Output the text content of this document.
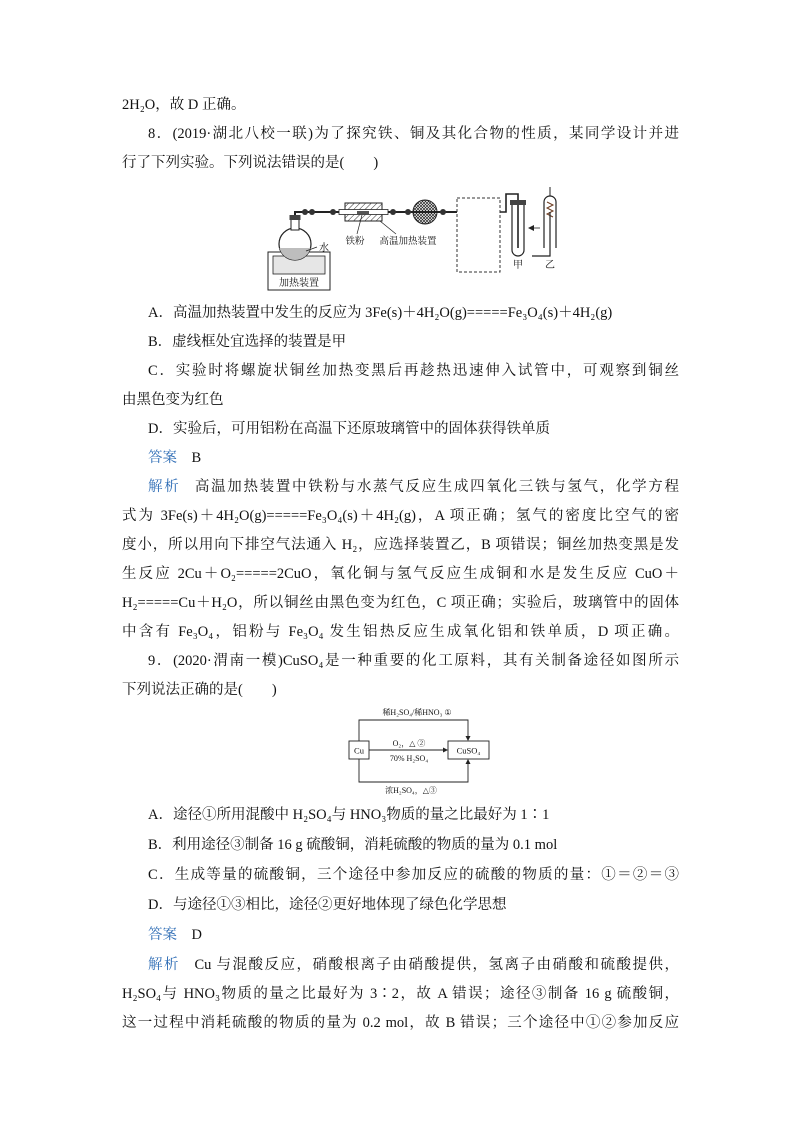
2H₂O，故 D 正确。
8．(2019·湖北八校一联)为了探究铁、铜及其化合物的性质，某同学设计并进
行了下列实验。下列说法错误的是(　　)
加热装置
水
铁粉 高温加热装置
甲 乙
A．高温加热装置中发生的反应为 3Fe(s)＋4H₂O(g)=====Fe₃O₄(s)＋4H₂(g)
B．虚线框处宜选择的装置是甲
C．实验时将螺旋状铜丝加热变黑后再趁热迅速伸入试管中，可观察到铜丝
由黑色变为红色
D．实验后，可用铝粉在高温下还原玻璃管中的固体获得铁单质
答案 B
解析 高温加热装置中铁粉与水蒸气反应生成四氧化三铁与氢气，化学方程
式为 3Fe(s)＋4H₂O(g)=====Fe₃O₄(s)＋4H₂(g)，A 项正确；氢气的密度比空气的密
度小，所以用向下排空气法通入 H₂，应选择装置乙，B 项错误；铜丝加热变黑是发
生反应 2Cu＋O₂=====2CuO，氧化铜与氢气反应生成铜和水是发生反应 CuO＋
H₂=====Cu＋H₂O，所以铜丝由黑色变为红色，C 项正确；实验后，玻璃管中的固体
中含有 Fe₃O₄，铝粉与 Fe₃O₄ 发生铝热反应生成氧化铝和铁单质，D 项正确。
9．(2020·渭南一模)CuSO₄是一种重要的化工原料，其有关制备途径如图所示
下列说法正确的是(　　)
Cu	CuSO₄
稀H₂SO₄/稀HNO₃ ①
O₂，△ ②
70% H₂SO₄
浓H₂SO₄，△③
A．途径①所用混酸中 H₂SO₄与 HNO₃物质的量之比最好为 1∶1
B．利用途径③制备 16 g 硫酸铜，消耗硫酸的物质的量为 0.1 mol
C．生成等量的硫酸铜，三个途径中参加反应的硫酸的物质的量：①＝②＝③
D．与途径①③相比，途径②更好地体现了绿色化学思想
答案 D
解析 Cu 与混酸反应，硝酸根离子由硝酸提供，氢离子由硝酸和硫酸提供，
H₂SO₄与 HNO₃物质的量之比最好为 3∶2，故 A 错误；途径③制备 16 g 硫酸铜，
这一过程中消耗硫酸的物质的量为 0.2 mol，故 B 错误；三个途径中①②参加反应
